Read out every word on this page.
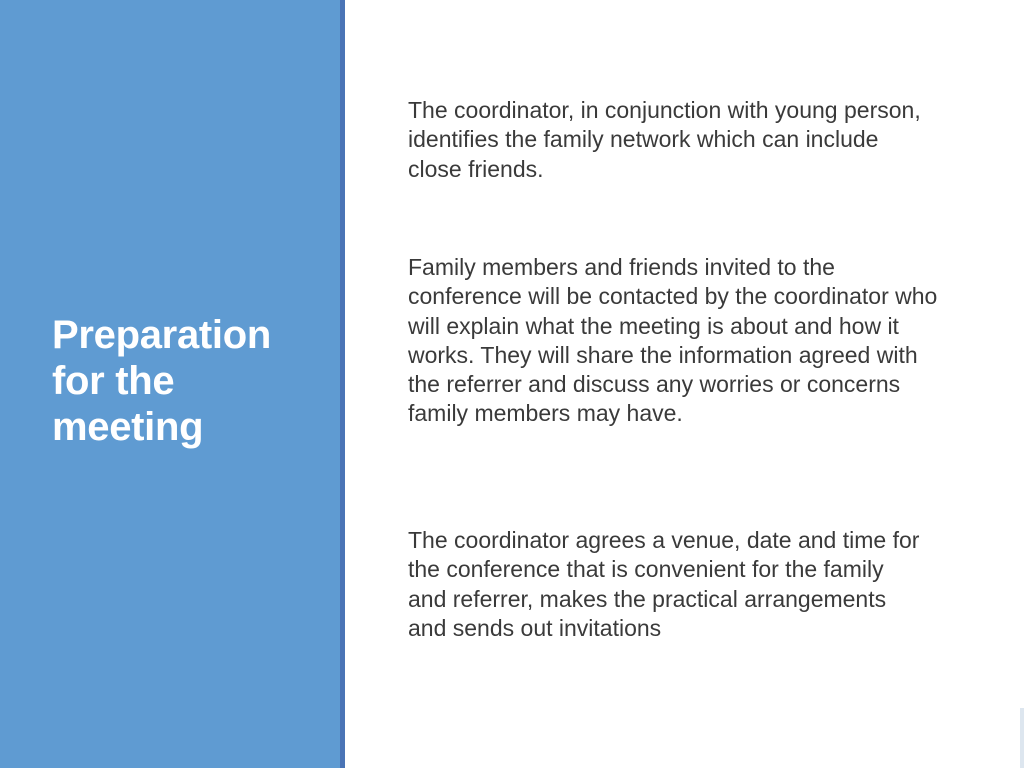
Preparation for the meeting

The coordinator, in conjunction with young person, identifies the family network which can include close friends.

Family members and friends invited to the conference will be contacted by the coordinator who will explain what the meeting is about and how it works. They will share the information agreed with the referrer and discuss any worries or concerns family members may have.

The coordinator agrees a venue, date and time for the conference that is convenient for the family and referrer, makes the practical arrangements and sends out invitations
